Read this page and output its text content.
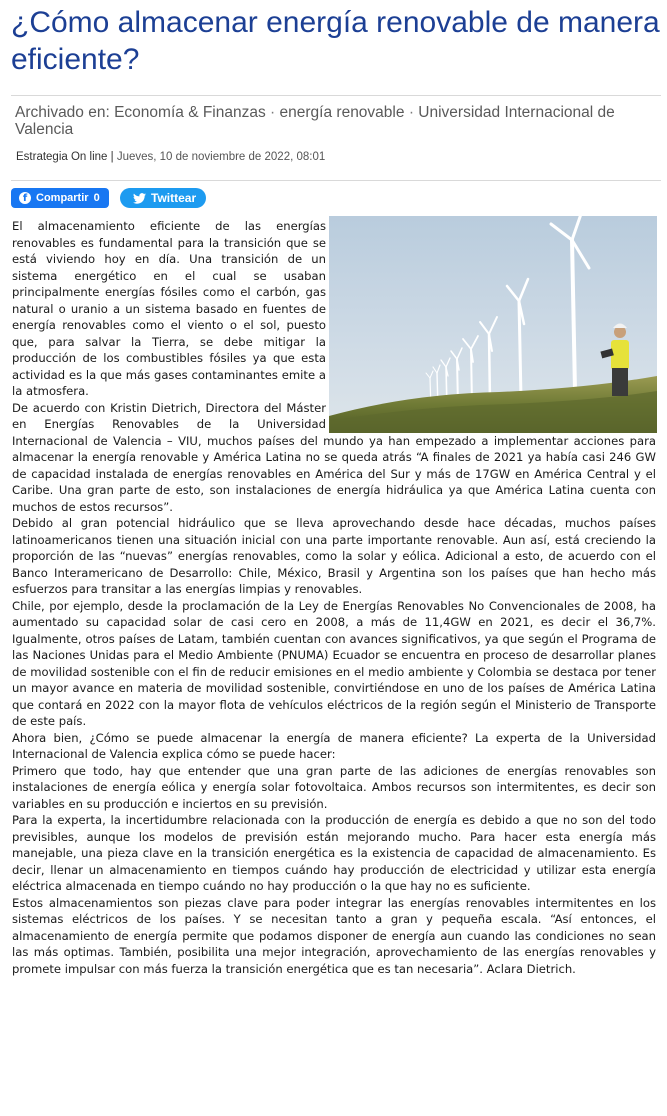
¿Cómo almacenar energía renovable de manera eficiente?
Archivado en: Economía & Finanzas · energía renovable · Universidad Internacional de Valencia
Estrategia On line | Jueves, 10 de noviembre de 2022, 08:01
f Compartir 0	Twittear

El almacenamiento eficiente de las energías renovables es fundamental para la transición que se está viviendo hoy en día. Una transición de un sistema energético en el cual se usaban principalmente energías fósiles como el carbón, gas natural o uranio a un sistema basado en fuentes de energía renovables como el viento o el sol, puesto que, para salvar la Tierra, se debe mitigar la producción de los combustibles fósiles ya que esta actividad es la que más gases contaminantes emite a la atmosfera.

De acuerdo con Kristin Dietrich, Directora del Máster en Energías Renovables de la Universidad Internacional de Valencia – VIU, muchos países del mundo ya han empezado a implementar acciones para almacenar la energía renovable y América Latina no se queda atrás “A finales de 2021 ya había casi 246 GW de capacidad instalada de energías renovables en América del Sur y más de 17GW en América Central y el Caribe. Una gran parte de esto, son instalaciones de energía hidráulica ya que América Latina cuenta con muchos de estos recursos”.

Debido al gran potencial hidráulico que se lleva aprovechando desde hace décadas, muchos países latinoamericanos tienen una situación inicial con una parte importante renovable. Aun así, está creciendo la proporción de las “nuevas” energías renovables, como la solar y eólica. Adicional a esto, de acuerdo con el Banco Interamericano de Desarrollo: Chile, México, Brasil y Argentina son los países que han hecho más esfuerzos para transitar a las energías limpias y renovables.

Chile, por ejemplo, desde la proclamación de la Ley de Energías Renovables No Convencionales de 2008, ha aumentado su capacidad solar de casi cero en 2008, a más de 11,4GW en 2021, es decir el 36,7%. Igualmente, otros países de Latam, también cuentan con avances significativos, ya que según el Programa de las Naciones Unidas para el Medio Ambiente (PNUMA) Ecuador se encuentra en proceso de desarrollar planes de movilidad sostenible con el fin de reducir emisiones en el medio ambiente y Colombia se destaca por tener un mayor avance en materia de movilidad sostenible, convirtiéndose en uno de los países de América Latina que contará en 2022 con la mayor flota de vehículos eléctricos de la región según el Ministerio de Transporte de este país.

Ahora bien, ¿Cómo se puede almacenar la energía de manera eficiente? La experta de la Universidad Internacional de Valencia explica cómo se puede hacer:

Primero que todo, hay que entender que una gran parte de las adiciones de energías renovables son instalaciones de energía eólica y energía solar fotovoltaica. Ambos recursos son intermitentes, es decir son variables en su producción e inciertos en su previsión.

Para la experta, la incertidumbre relacionada con la producción de energía es debido a que no son del todo previsibles, aunque los modelos de previsión están mejorando mucho. Para hacer esta energía más manejable, una pieza clave en la transición energética es la existencia de capacidad de almacenamiento. Es decir, llenar un almacenamiento en tiempos cuándo hay producción de electricidad y utilizar esta energía eléctrica almacenada en tiempo cuándo no hay producción o la que hay no es suficiente.

Estos almacenamientos son piezas clave para poder integrar las energías renovables intermitentes en los sistemas eléctricos de los países. Y se necesitan tanto a gran y pequeña escala. “Así entonces, el almacenamiento de energía permite que podamos disponer de energía aun cuando las condiciones no sean las más optimas. También, posibilita una mejor integración, aprovechamiento de las energías renovables y promete impulsar con más fuerza la transición energética que es tan necesaria”. Aclara Dietrich.
